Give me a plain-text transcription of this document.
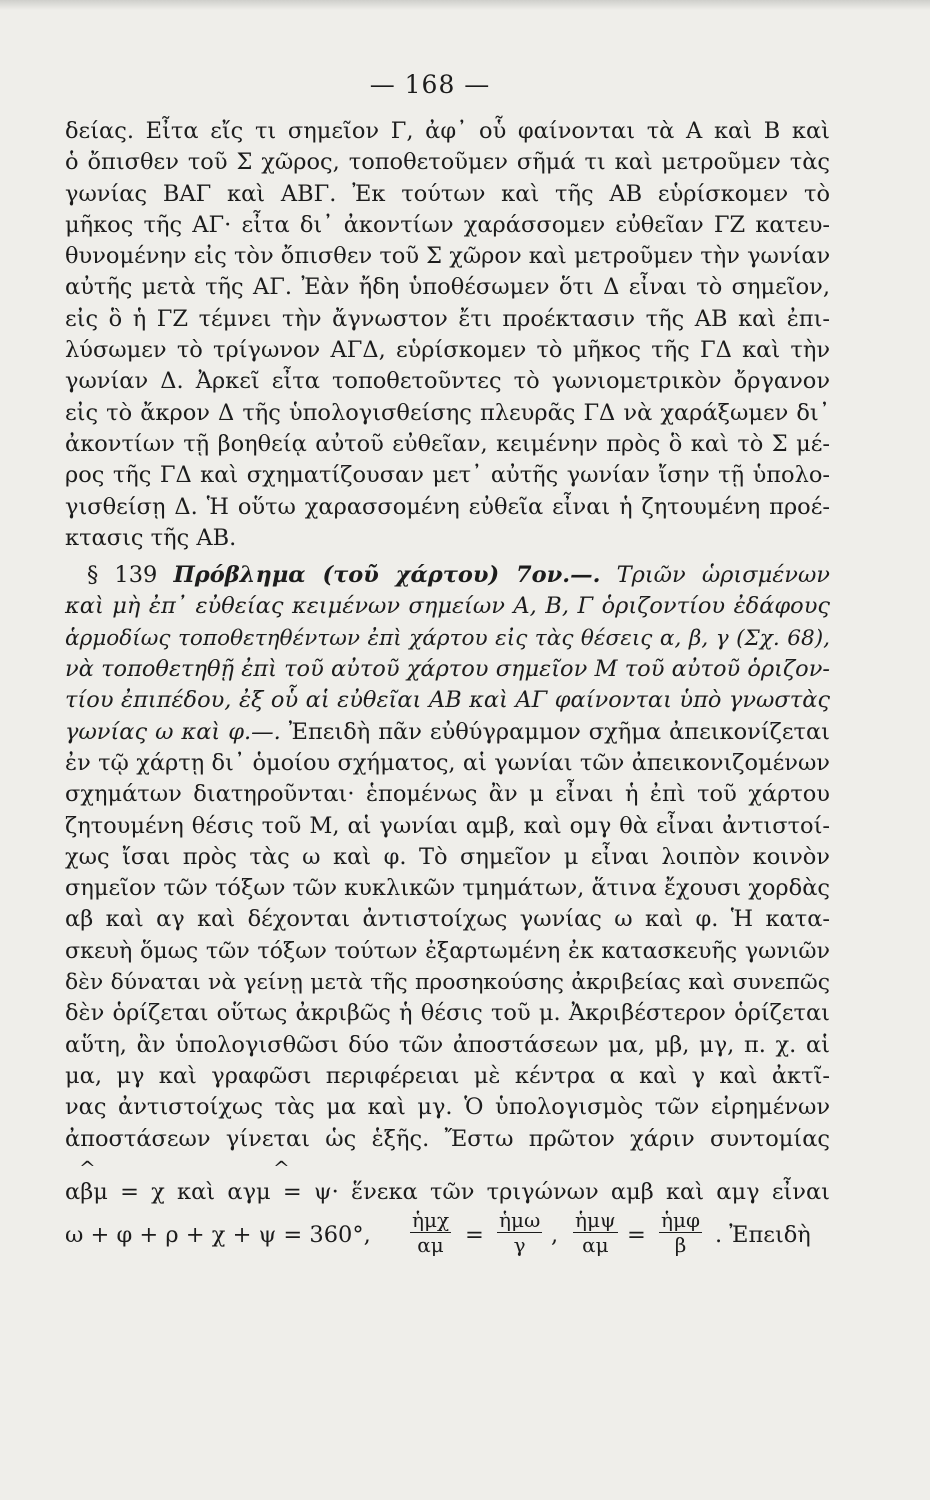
— 168 —
δείας. Εἶτα εἴς τι σημεῖον Γ, ἀφ᾽ οὗ φαίνονται τὰ Α καὶ Β καὶ
ὁ ὄπισθεν τοῦ Σ χῶρος, τοποθετοῦμεν σῆμά τι καὶ μετροῦμεν τὰς
γωνίας ΒΑΓ καὶ ΑΒΓ. Ἐκ τούτων καὶ τῆς ΑΒ εὑρίσκομεν τὸ
μῆκος τῆς ΑΓ· εἶτα δι᾽ ἀκοντίων χαράσσομεν εὐθεῖαν ΓΖ κατευ-
θυνομένην εἰς τὸν ὄπισθεν τοῦ Σ χῶρον καὶ μετροῦμεν τὴν γωνίαν
αὐτῆς μετὰ τῆς ΑΓ. Ἐὰν ἤδη ὑποθέσωμεν ὅτι Δ εἶναι τὸ σημεῖον,
εἰς ὃ ἡ ΓΖ τέμνει τὴν ἄγνωστον ἔτι προέκτασιν τῆς ΑΒ καὶ ἐπι-
λύσωμεν τὸ τρίγωνον ΑΓΔ, εὑρίσκομεν τὸ μῆκος τῆς ΓΔ καὶ τὴν
γωνίαν Δ. Ἀρκεῖ εἶτα τοποθετοῦντες τὸ γωνιομετρικὸν ὄργανον
εἰς τὸ ἄκρον Δ τῆς ὑπολογισθείσης πλευρᾶς ΓΔ νὰ χαράξωμεν δι᾽
ἀκοντίων τῇ βοηθείᾳ αὐτοῦ εὐθεῖαν, κειμένην πρὸς ὃ καὶ τὸ Σ μέ-
ρος τῆς ΓΔ καὶ σχηματίζουσαν μετ᾽ αὐτῆς γωνίαν ἴσην τῇ ὑπολο-
γισθείσῃ Δ. Ἡ οὕτω χαρασσομένη εὐθεῖα εἶναι ἡ ζητουμένη προέ-
κτασις τῆς ΑΒ.
§ 139 Πρόβλημα (τοῦ χάρτου) 7ον.—. Τριῶν ὡρισμένων
καὶ μὴ ἐπ᾽ εὐθείας κειμένων σημείων Α, Β, Γ ὁριζοντίου ἐδάφους
ἁρμοδίως τοποθετηθέντων ἐπὶ χάρτου εἰς τὰς θέσεις α, β, γ (Σχ. 68),
νὰ τοποθετηθῇ ἐπὶ τοῦ αὐτοῦ χάρτου σημεῖον Μ τοῦ αὐτοῦ ὁριζον-
τίου ἐπιπέδου, ἐξ οὗ αἱ εὐθεῖαι ΑΒ καὶ ΑΓ φαίνονται ὑπὸ γνωστὰς
γωνίας ω καὶ φ.—. Ἐπειδὴ πᾶν εὐθύγραμμον σχῆμα ἀπεικονίζεται
ἐν τῷ χάρτῃ δι᾽ ὁμοίου σχήματος, αἱ γωνίαι τῶν ἀπεικονιζομένων
σχημάτων διατηροῦνται· ἑπομένως ἂν μ εἶναι ἡ ἐπὶ τοῦ χάρτου
ζητουμένη θέσις τοῦ Μ, αἱ γωνίαι αμβ, καὶ ομγ θὰ εἶναι ἀντιστοί-
χως ἴσαι πρὸς τὰς ω καὶ φ. Τὸ σημεῖον μ εἶναι λοιπὸν κοινὸν
σημεῖον τῶν τόξων τῶν κυκλικῶν τμημάτων, ἅτινα ἔχουσι χορδὰς
αβ καὶ αγ καὶ δέχονται ἀντιστοίχως γωνίας ω καὶ φ. Ἡ κατα-
σκευὴ ὅμως τῶν τόξων τούτων ἐξαρτωμένη ἐκ κατασκευῆς γωνιῶν
δὲν δύναται νὰ γείνῃ μετὰ τῆς προσηκούσης ἀκριβείας καὶ συνεπῶς
δὲν ὁρίζεται οὕτως ἀκριβῶς ἡ θέσις τοῦ μ. Ἀκριβέστερον ὁρίζεται
αὕτη, ἂν ὑπολογισθῶσι δύο τῶν ἀποστάσεων μα, μβ, μγ, π. χ. αἱ
μα, μγ καὶ γραφῶσι περιφέρειαι μὲ κέντρα α καὶ γ καὶ ἀκτῖ-
νας ἀντιστοίχως τὰς μα καὶ μγ. Ὁ ὑπολογισμὸς τῶν εἰρημένων
ἀποστάσεων γίνεται ὡς ἑξῆς. Ἔστω πρῶτον χάριν συντομίας
^	^
αβμ = χ καὶ αγμ = ψ· ἕνεκα τῶν τριγώνων αμβ καὶ αμγ εἶναι
ω + φ + ρ + χ + ψ = 360°,
ἡμχ
αμ =
ἡμω
γ	,
ἡμψ
αμ =
ἡμφ
β	. Ἐπειδὴ
